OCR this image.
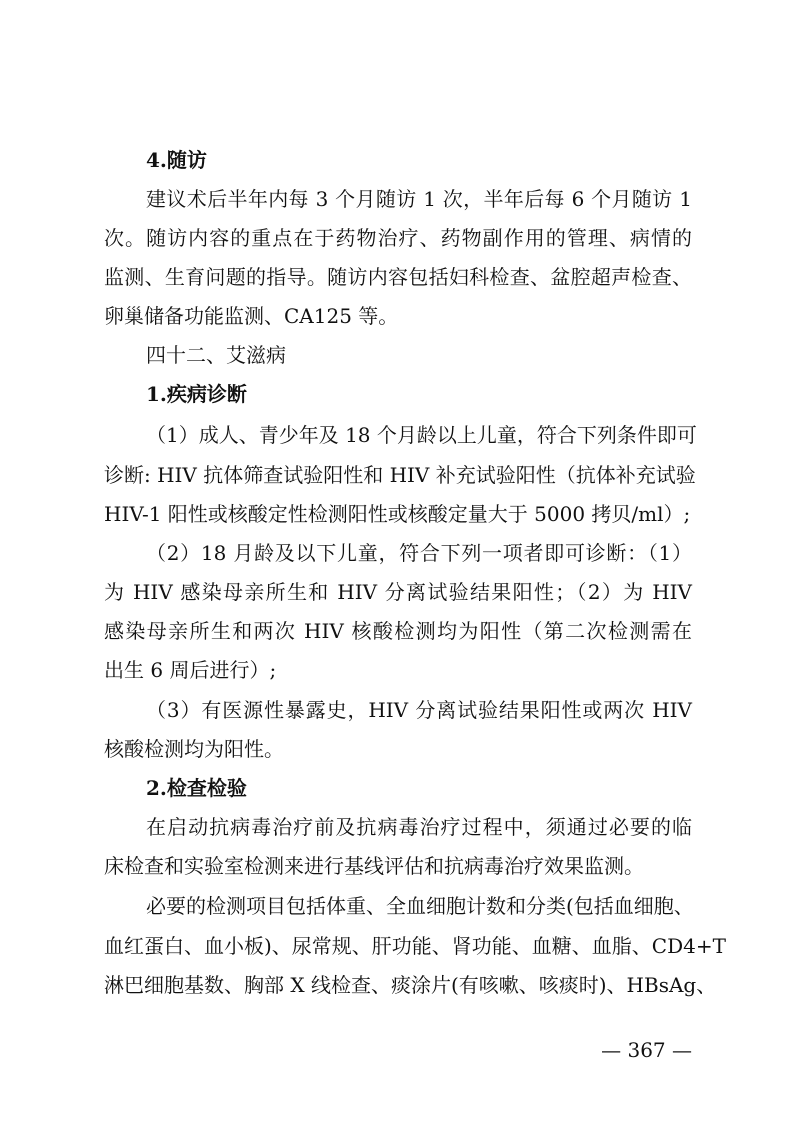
4.随访
建议术后半年内每 3 个月随访 1 次，半年后每 6 个月随访 1
次。随访内容的重点在于药物治疗、药物副作用的管理、病情的
监测、生育问题的指导。随访内容包括妇科检查、盆腔超声检查、
卵巢储备功能监测、CA125 等。
四十二、艾滋病
1.疾病诊断
（1）成人、青少年及 18 个月龄以上儿童，符合下列条件即可
诊断: HIV 抗体筛查试验阳性和 HIV 补充试验阳性（抗体补充试验
HIV-1 阳性或核酸定性检测阳性或核酸定量大于 5000 拷贝/ml）;
（2）18 月龄及以下儿童，符合下列一项者即可诊断：（1）
为 HIV 感染母亲所生和 HIV 分离试验结果阳性；（2）为 HIV
感染母亲所生和两次 HIV 核酸检测均为阳性（第二次检测需在
出生 6 周后进行）;
（3）有医源性暴露史，HIV 分离试验结果阳性或两次 HIV
核酸检测均为阳性。
2.检查检验
在启动抗病毒治疗前及抗病毒治疗过程中，须通过必要的临
床检查和实验室检测来进行基线评估和抗病毒治疗效果监测。
必要的检测项目包括体重、全血细胞计数和分类(包括血细胞、
血红蛋白、血小板)、尿常规、肝功能、肾功能、血糖、血脂、CD4+T
淋巴细胞基数、胸部 X 线检查、痰涂片(有咳嗽、咳痰时)、HBsAg、
— 367 —
